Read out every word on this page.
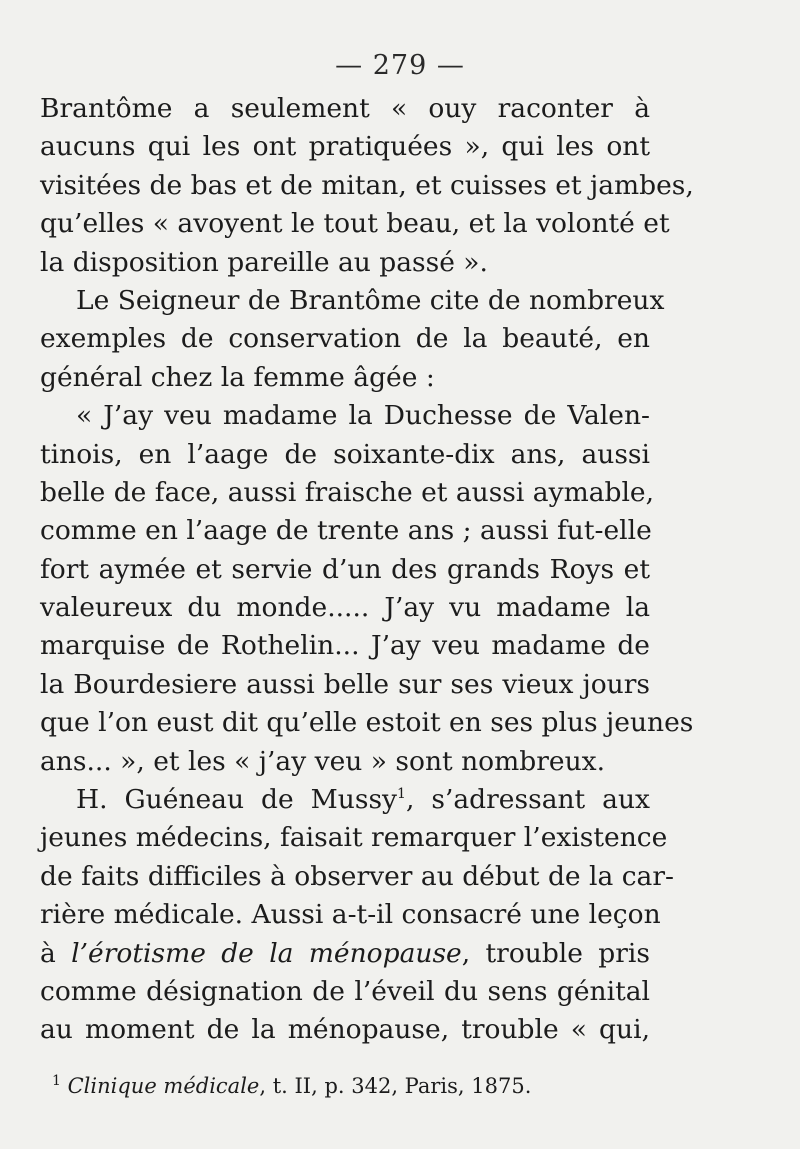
— 279 —
Brantôme a seulement « ouy raconter à
aucuns qui les ont pratiquées », qui les ont
visitées de bas et de mitan, et cuisses et jambes,
qu’elles « avoyent le tout beau, et la volonté et
la disposition pareille au passé ».
Le Seigneur de Brantôme cite de nombreux
exemples de conservation de la beauté, en
général chez la femme âgée :
« J’ay veu madame la Duchesse de Valen-
tinois, en l’aage de soixante-dix ans, aussi
belle de face, aussi fraische et aussi aymable,
comme en l’aage de trente ans ; aussi fut-elle
fort aymée et servie d’un des grands Roys et
valeureux du monde..... J’ay vu madame la
marquise de Rothelin... J’ay veu madame de
la Bourdesiere aussi belle sur ses vieux jours
que l’on eust dit qu’elle estoit en ses plus jeunes
ans... », et les « j’ay veu » sont nombreux.
H. Guéneau de Mussy$^1$, s’adressant aux
jeunes médecins, faisait remarquer l’existence
de faits difficiles à observer au début de la car-
rière médicale. Aussi a-t-il consacré une leçon
à l’érotisme de la ménopause, trouble pris
comme désignation de l’éveil du sens génital
au moment de la ménopause, trouble « qui,
$^1$ Clinique médicale, t. II, p. 342, Paris, 1875.
